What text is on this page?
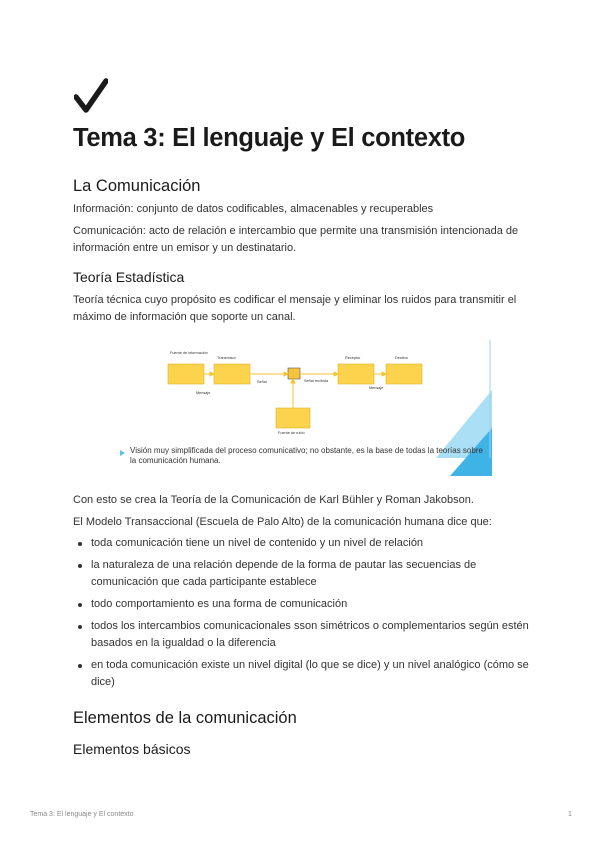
Tema 3: El lenguaje y El contexto
La Comunicación

Información: conjunto de datos codificables, almacenables y recuperables

Comunicación: acto de relación e intercambio que permite una transmisión intencionada de información entre un emisor y un destinatario.

Teoría Estadística

Teoría técnica cuyo propósito es codificar el mensaje y eliminar los ruidos para transmitir el máximo de información que soporte un canal.

Fuente de información
Transmisor
Mensaje
Señal	Señal recibida
Receptor	Destino
Mensaje
Fuente de ruido
Visión muy simplificada del proceso comunicativo; no obstante, es la base de todas la teorías sobre la comunicación humana.

Con esto se crea la Teoría de la Comunicación de Karl Bühler y Roman Jakobson.

El Modelo Transaccional (Escuela de Palo Alto) de la comunicación humana dice que:

toda comunicación tiene un nivel de contenido y un nivel de relación
la naturaleza de una relación depende de la forma de pautar las secuencias de comunicación que cada participante establece
todo comportamiento es una forma de comunicación
todos los intercambios comunicacionales sson simétricos o complementarios según estén basados en la igualdad o la diferencia
en toda comunicación existe un nivel digital (lo que se dice) y un nivel analógico (cómo se dice)
Elementos de la comunicación
Elementos básicos
Tema 3: El lenguaje y El contexto	1
